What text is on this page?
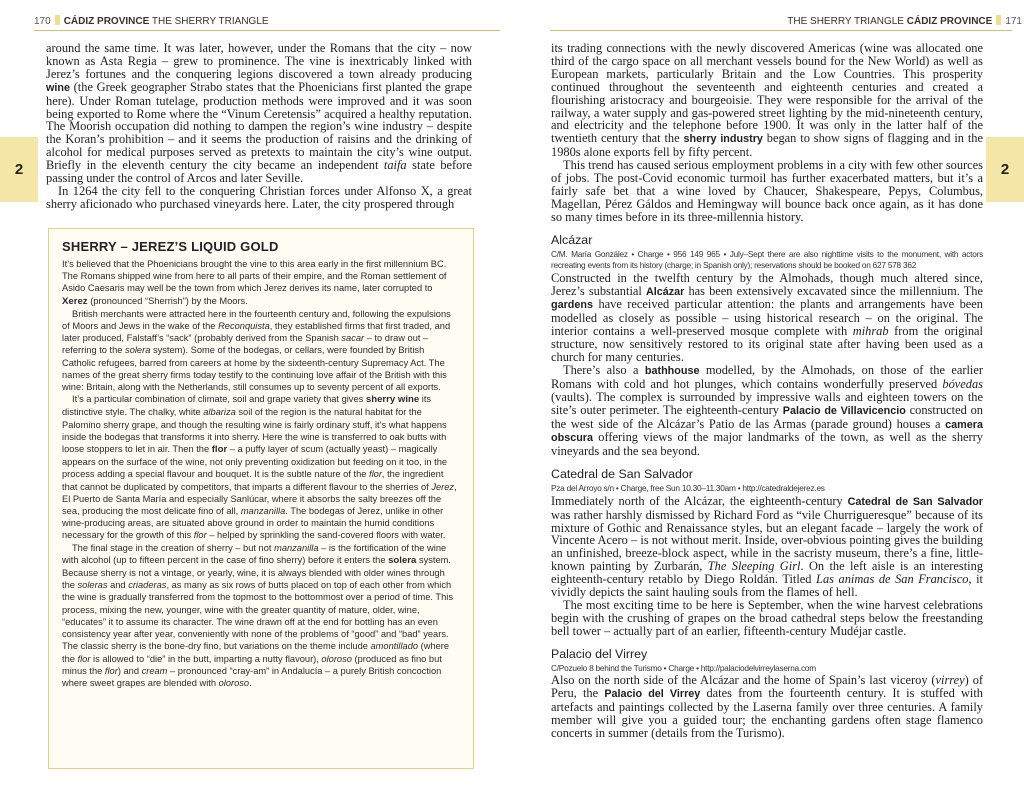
170 CÁDIZ PROVINCE THE SHERRY TRIANGLE
2

around the same time. It was later, however, under the Romans that the city – now known as Asta Regia – grew to prominence. The vine is inextricably linked with Jerez’s fortunes and the conquering legions discovered a town already producing wine (the Greek geographer Strabo states that the Phoenicians first planted the grape here). Under Roman tutelage, production methods were improved and it was soon being exported to Rome where the “Vinum Ceretensis” acquired a healthy reputation. The Moorish occupation did nothing to dampen the region’s wine industry – despite the Koran’s prohibition – and it seems the production of raisins and the drinking of alcohol for medical purposes served as pretexts to maintain the city’s wine output. Briefly in the eleventh century the city became an independent taifa state before passing under the control of Arcos and later Seville.

In 1264 the city fell to the conquering Christian forces under Alfonso X, a great sherry aficionado who purchased vineyards here. Later, the city prospered through

SHERRY – JEREZ’S LIQUID GOLD

It’s believed that the Phoenicians brought the vine to this area early in the first millennium BC. The Romans shipped wine from here to all parts of their empire, and the Roman settlement of Asido Caesaris may well be the town from which Jerez derives its name, later corrupted to Xerez (pronounced “Sherrish”) by the Moors.

British merchants were attracted here in the fourteenth century and, following the expulsions of Moors and Jews in the wake of the Reconquista, they established firms that first traded, and later produced, Falstaff’s “sack” (probably derived from the Spanish sacar – to draw out – referring to the solera system). Some of the bodegas, or cellars, were founded by British Catholic refugees, barred from careers at home by the sixteenth-century Supremacy Act. The names of the great sherry firms today testify to the continuing love affair of the British with this wine: Britain, along with the Netherlands, still consumes up to seventy percent of all exports.

It’s a particular combination of climate, soil and grape variety that gives sherry wine its distinctive style. The chalky, white albariza soil of the region is the natural habitat for the Palomino sherry grape, and though the resulting wine is fairly ordinary stuff, it’s what happens inside the bodegas that transforms it into sherry. Here the wine is transferred to oak butts with loose stoppers to let in air. Then the flor – a puffy layer of scum (actually yeast) – magically appears on the surface of the wine, not only preventing oxidization but feeding on it too, in the process adding a special flavour and bouquet. It is the subtle nature of the flor, the ingredient that cannot be duplicated by competitors, that imparts a different flavour to the sherries of Jerez, El Puerto de Santa María and especially Sanlúcar, where it absorbs the salty breezes off the sea, producing the most delicate fino of all, manzanilla. The bodegas of Jerez, unlike in other wine-producing areas, are situated above ground in order to maintain the humid conditions necessary for the growth of this flor – helped by sprinkling the sand-covered floors with water.

The final stage in the creation of sherry – but not manzanilla – is the fortification of the wine with alcohol (up to fifteen percent in the case of fino sherry) before it enters the solera system. Because sherry is not a vintage, or yearly, wine, it is always blended with older wines through the soleras and criaderas, as many as six rows of butts placed on top of each other from which the wine is gradually transferred from the topmost to the bottommost over a period of time. This process, mixing the new, younger, wine with the greater quantity of mature, older, wine, “educates” it to assume its character. The wine drawn off at the end for bottling has an even consistency year after year, conveniently with none of the problems of “good” and “bad” years. The classic sherry is the bone-dry fino, but variations on the theme include amontillado (where the flor is allowed to “die” in the butt, imparting a nutty flavour), oloroso (produced as fino but minus the flor) and cream – pronounced “cray-am” in Andalucía – a purely British concoction where sweet grapes are blended with oloroso.

THE SHERRY TRIANGLE CÁDIZ PROVINCE 171
2

its trading connections with the newly discovered Americas (wine was allocated one third of the cargo space on all merchant vessels bound for the New World) as well as European markets, particularly Britain and the Low Countries. This prosperity continued throughout the seventeenth and eighteenth centuries and created a flourishing aristocracy and bourgeoisie. They were responsible for the arrival of the railway, a water supply and gas-powered street lighting by the mid-nineteenth century, and electricity and the telephone before 1900. It was only in the latter half of the twentieth century that the sherry industry began to show signs of flagging and in the 1980s alone exports fell by fifty percent.

This trend has caused serious employment problems in a city with few other sources of jobs. The post-Covid economic turmoil has further exacerbated matters, but it’s a fairly safe bet that a wine loved by Chaucer, Shakespeare, Pepys, Columbus, Magellan, Pérez Gáldos and Hemingway will bounce back once again, as it has done so many times before in its three-millennia history.

Alcázar
C/M. María González • Charge • 956 149 965 • July–Sept there are also nighttime visits to the monument, with actors recreating events from its history (charge; in Spanish only); reservations should be booked on 627 578 362

Constructed in the twelfth century by the Almohads, though much altered since, Jerez’s substantial Alcázar has been extensively excavated since the millennium. The gardens have received particular attention: the plants and arrangements have been modelled as closely as possible – using historical research – on the original. The interior contains a well-preserved mosque complete with mihrab from the original structure, now sensitively restored to its original state after having been used as a church for many centuries.

There’s also a bathhouse modelled, by the Almohads, on those of the earlier Romans with cold and hot plunges, which contains wonderfully preserved bóvedas (vaults). The complex is surrounded by impressive walls and eighteen towers on the site’s outer perimeter. The eighteenth-century Palacio de Villavicencio constructed on the west side of the Alcázar’s Patio de las Armas (parade ground) houses a camera obscura offering views of the major landmarks of the town, as well as the sherry vineyards and the sea beyond.

Catedral de San Salvador
Pza del Arroyo s/n • Charge, free Sun 10.30–11.30am • http://catedraldejerez.es

Immediately north of the Alcázar, the eighteenth-century Catedral de San Salvador was rather harshly dismissed by Richard Ford as “vile Churrigueresque” because of its mixture of Gothic and Renaissance styles, but an elegant facade – largely the work of Vincente Acero – is not without merit. Inside, over-obvious pointing gives the building an unfinished, breeze-block aspect, while in the sacristy museum, there’s a fine, little-known painting by Zurbarán, The Sleeping Girl. On the left aisle is an interesting eighteenth-century retablo by Diego Roldán. Titled Las animas de San Francisco, it vividly depicts the saint hauling souls from the flames of hell.

The most exciting time to be here is September, when the wine harvest celebrations begin with the crushing of grapes on the broad cathedral steps below the freestanding bell tower – actually part of an earlier, fifteenth-century Mudéjar castle.

Palacio del Virrey
C/Pozuelo 8 behind the Turismo • Charge • http://palaciodelvirreylaserna.com

Also on the north side of the Alcázar and the home of Spain’s last viceroy (virrey) of Peru, the Palacio del Virrey dates from the fourteenth century. It is stuffed with artefacts and paintings collected by the Laserna family over three centuries. A family member will give you a guided tour; the enchanting gardens often stage flamenco concerts in summer (details from the Turismo).
